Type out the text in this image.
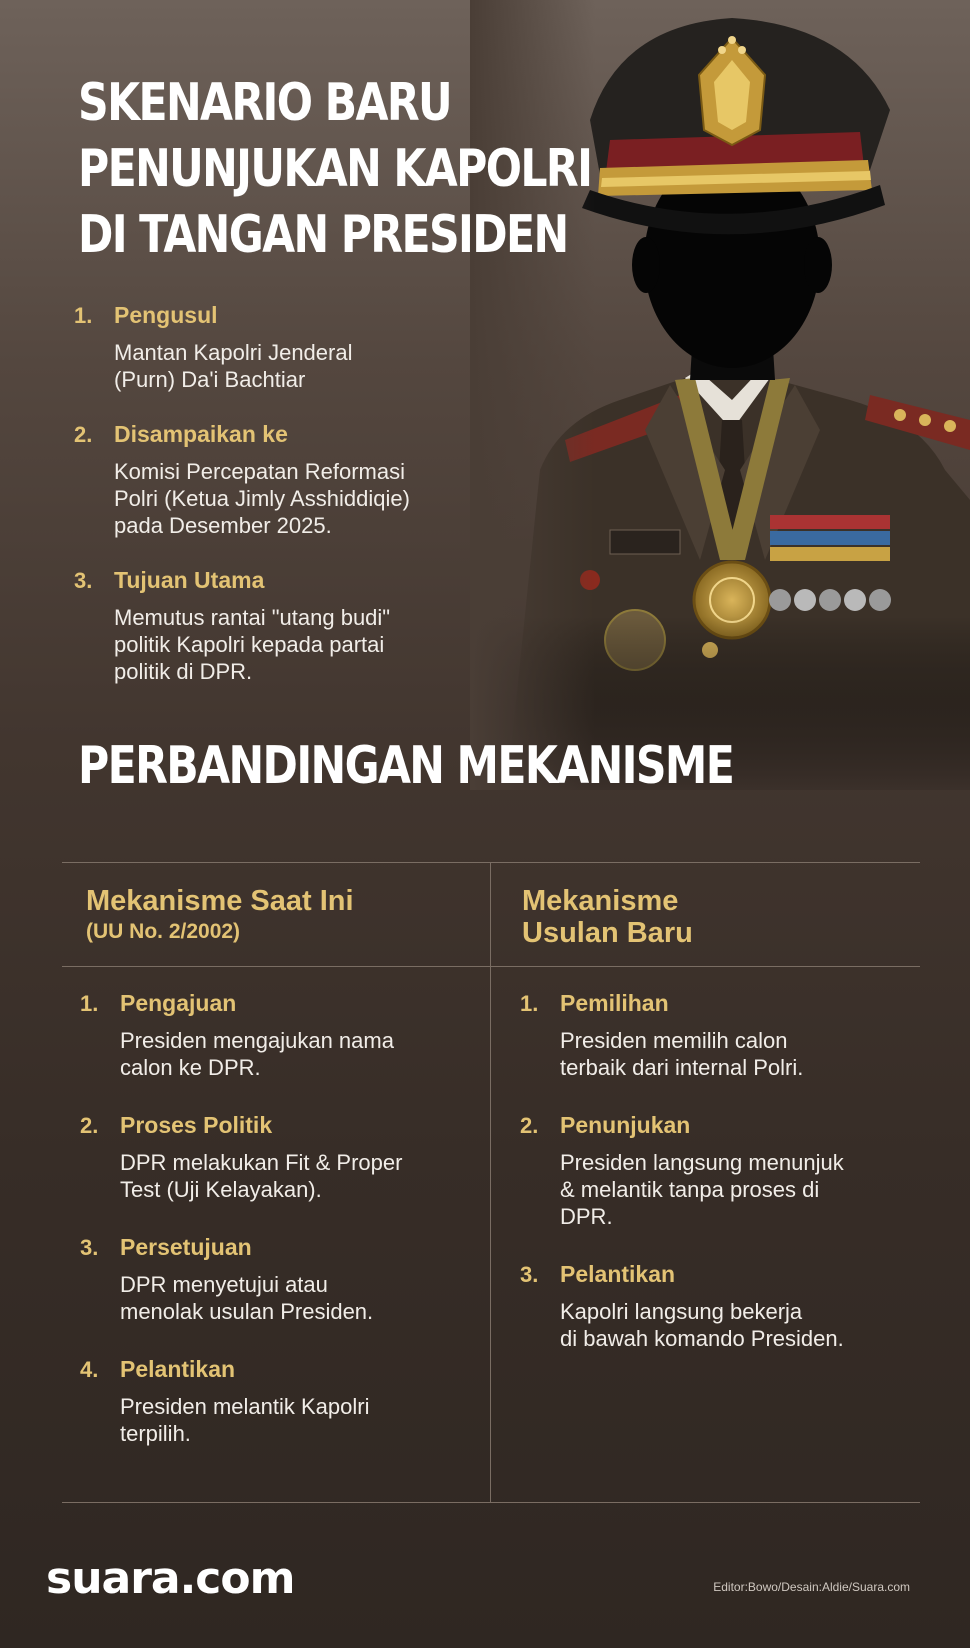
SKENARIO BARU
PENUNJUKAN KAPOLRI
DI TANGAN PRESIDEN
1. Pengusul
Mantan Kapolri Jenderal
(Purn) Da'i Bachtiar
2. Disampaikan ke
Komisi Percepatan Reformasi
Polri (Ketua Jimly Asshiddiqie)
pada Desember 2025.
3. Tujuan Utama
Memutus rantai "utang budi"
politik Kapolri kepada partai
politik di DPR.
PERBANDINGAN MEKANISME
Mekanisme Saat Ini
(UU No. 2/2002)
Mekanisme
Usulan Baru
1. Pengajuan
Presiden mengajukan nama
calon ke DPR.
2. Proses Politik
DPR melakukan Fit & Proper
Test (Uji Kelayakan).
3. Persetujuan
DPR menyetujui atau
menolak usulan Presiden.
4. Pelantikan
Presiden melantik Kapolri
terpilih.
1. Pemilihan
Presiden memilih calon
terbaik dari internal Polri.
2. Penunjukan
Presiden langsung menunjuk
& melantik tanpa proses di
DPR.
3. Pelantikan
Kapolri langsung bekerja
di bawah komando Presiden.
suara.com	Editor:Bowo/Desain:Aldie/Suara.com
